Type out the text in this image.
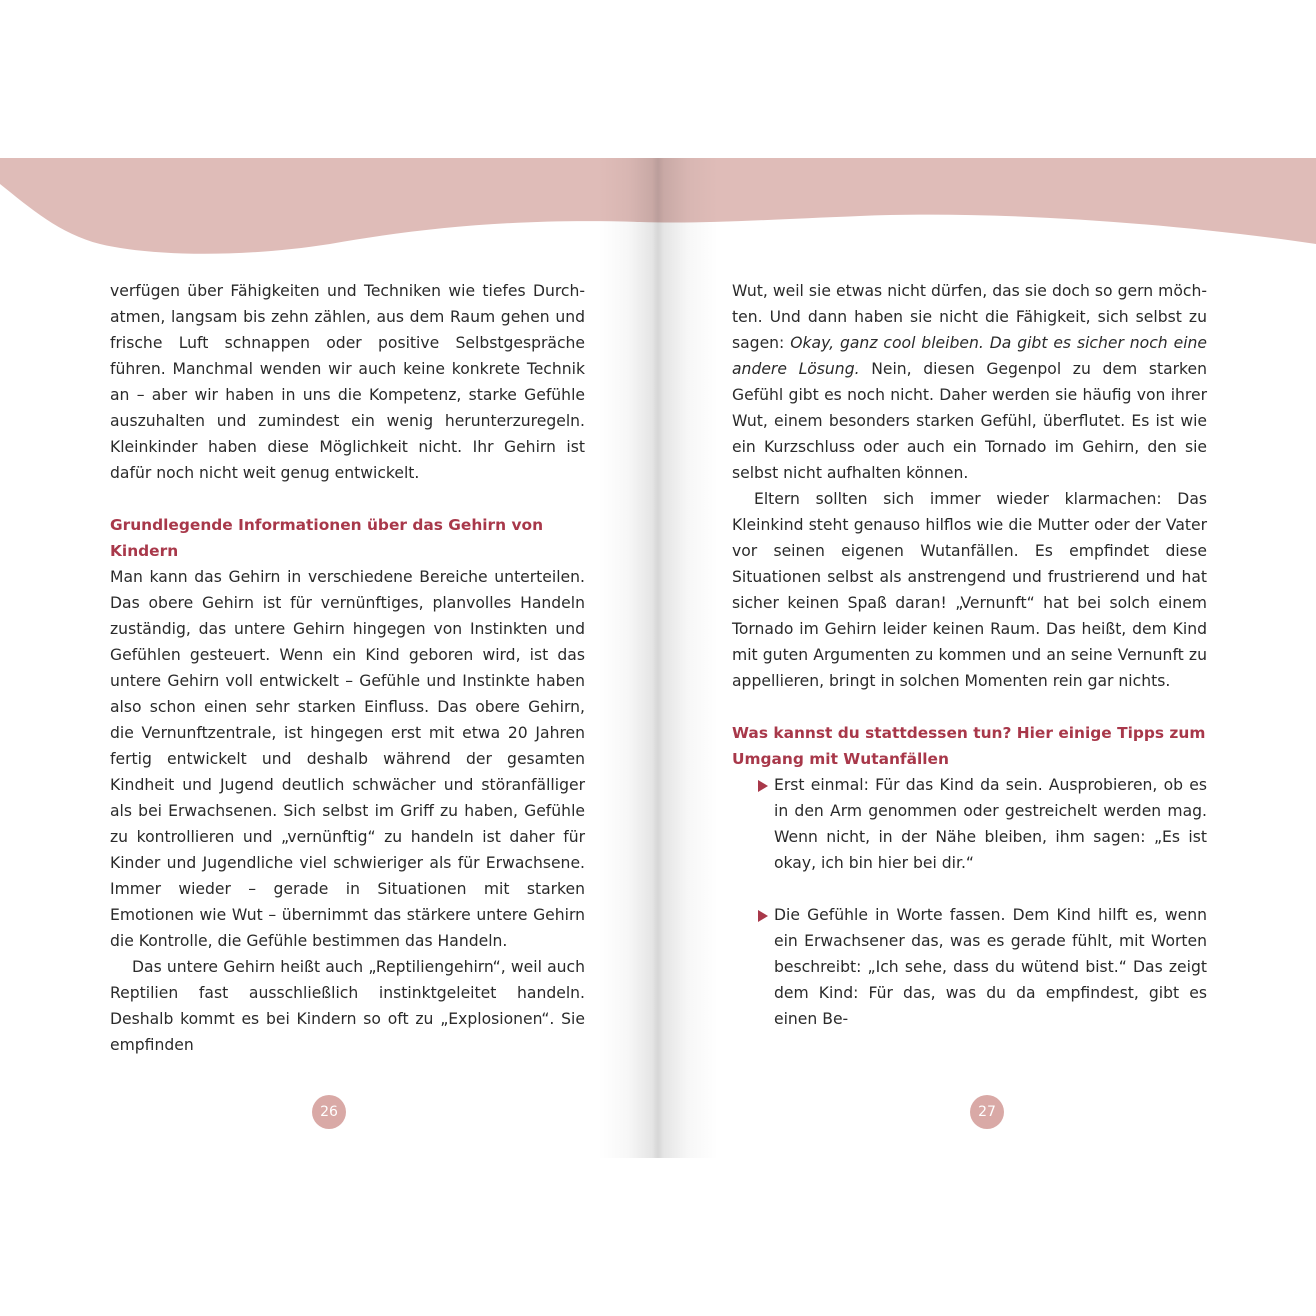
verfügen über Fähigkeiten und Techniken wie tiefes Durchatmen, langsam bis zehn zählen, aus dem Raum gehen und frische Luft schnappen oder positive Selbstgespräche führen. Manchmal wenden wir auch keine konkrete Technik an – aber wir haben in uns die Kompetenz, starke Gefühle auszuhalten und zumindest ein wenig herunterzuregeln. Kleinkinder haben diese Möglichkeit nicht. Ihr Gehirn ist dafür noch nicht weit genug entwickelt.

Grundlegende Informationen über das Gehirn von Kindern

Man kann das Gehirn in verschiedene Bereiche unterteilen. Das obere Gehirn ist für vernünftiges, planvolles Handeln zuständig, das untere Gehirn hingegen von Instinkten und Gefühlen gesteuert. Wenn ein Kind geboren wird, ist das untere Gehirn voll entwickelt – Gefühle und Instinkte haben also schon einen sehr starken Einfluss. Das obere Gehirn, die Vernunftzentrale, ist hingegen erst mit etwa 20 Jahren fertig entwickelt und deshalb während der gesamten Kindheit und Jugend deutlich schwächer und störanfälliger als bei Erwachsenen. Sich selbst im Griff zu haben, Gefühle zu kontrollieren und „vernünftig“ zu handeln ist daher für Kinder und Jugendliche viel schwieriger als für Erwachsene. Immer wieder – gerade in Situationen mit starken Emotionen wie Wut – übernimmt das stärkere untere Gehirn die Kontrolle, die Gefühle bestimmen das Handeln.

Das untere Gehirn heißt auch „Reptiliengehirn“, weil auch Reptilien fast ausschließlich instinktgeleitet handeln. Deshalb kommt es bei Kindern so oft zu „Explosionen“. Sie empfinden

Wut, weil sie etwas nicht dürfen, das sie doch so gern möchten. Und dann haben sie nicht die Fähigkeit, sich selbst zu sagen: Okay, ganz cool bleiben. Da gibt es sicher noch eine andere Lösung. Nein, diesen Gegenpol zu dem starken Gefühl gibt es noch nicht. Daher werden sie häufig von ihrer Wut, einem besonders starken Gefühl, überflutet. Es ist wie ein Kurzschluss oder auch ein Tornado im Gehirn, den sie selbst nicht aufhalten können.

Eltern sollten sich immer wieder klarmachen: Das Kleinkind steht genauso hilflos wie die Mutter oder der Vater vor seinen eigenen Wutanfällen. Es empfindet diese Situationen selbst als anstrengend und frustrierend und hat sicher keinen Spaß daran! „Vernunft“ hat bei solch einem Tornado im Gehirn leider keinen Raum. Das heißt, dem Kind mit guten Argumenten zu kommen und an seine Vernunft zu appellieren, bringt in solchen Momenten rein gar nichts.

Was kannst du stattdessen tun? Hier einige Tipps zum Umgang mit Wutanfällen
Erst einmal: Für das Kind da sein. Ausprobieren, ob es in den Arm genommen oder gestreichelt werden mag. Wenn nicht, in der Nähe bleiben, ihm sagen: „Es ist okay, ich bin hier bei dir.“
Die Gefühle in Worte fassen. Dem Kind hilft es, wenn ein Erwachsener das, was es gerade fühlt, mit Worten beschreibt: „Ich sehe, dass du wütend bist.“ Das zeigt dem Kind: Für das, was du da empfindest, gibt es einen Be-
26	27
